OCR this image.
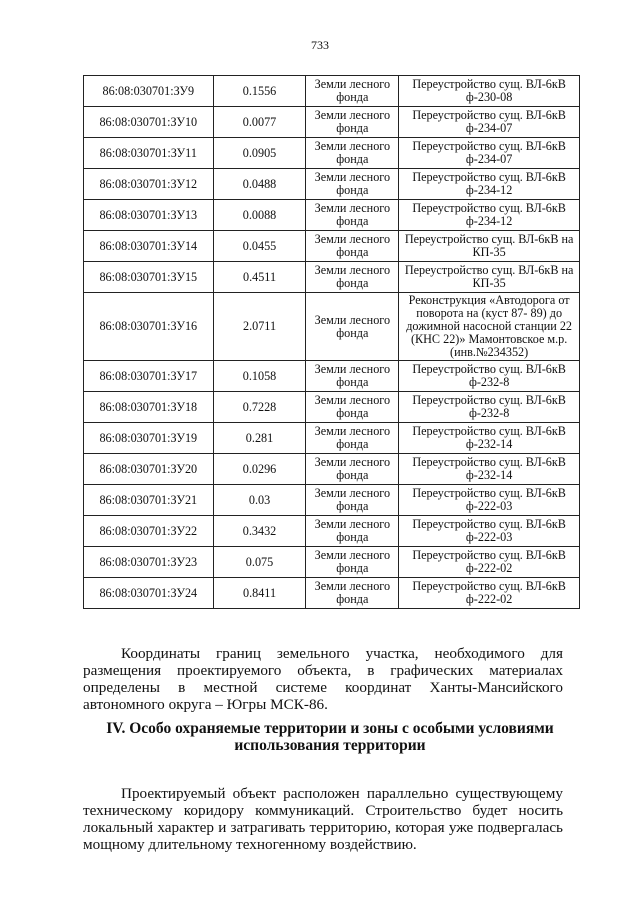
733
86:08:030701:ЗУ9	0.1556	Земли лесного фонда	Переустройство сущ. ВЛ-6кВ ф-230-08
86:08:030701:ЗУ10	0.0077	Земли лесного фонда	Переустройство сущ. ВЛ-6кВ ф-234-07
86:08:030701:ЗУ11	0.0905	Земли лесного фонда	Переустройство сущ. ВЛ-6кВ ф-234-07
86:08:030701:ЗУ12	0.0488	Земли лесного фонда	Переустройство сущ. ВЛ-6кВ ф-234-12
86:08:030701:ЗУ13	0.0088	Земли лесного фонда	Переустройство сущ. ВЛ-6кВ ф-234-12
86:08:030701:ЗУ14	0.0455	Земли лесного фонда	Переустройство сущ. ВЛ-6кВ на КП-35
86:08:030701:ЗУ15	0.4511	Земли лесного фонда	Переустройство сущ. ВЛ-6кВ на КП-35
86:08:030701:ЗУ16	2.0711	Земли лесного фонда	Реконструкция «Автодорога от поворота на (куст 87- 89) до дожимной насосной станции 22 (КНС 22)» Мамонтовское м.р. (инв.№234352)
86:08:030701:ЗУ17	0.1058	Земли лесного фонда	Переустройство сущ. ВЛ-6кВ ф-232-8
86:08:030701:ЗУ18	0.7228	Земли лесного фонда	Переустройство сущ. ВЛ-6кВ ф-232-8
86:08:030701:ЗУ19	0.281	Земли лесного фонда	Переустройство сущ. ВЛ-6кВ ф-232-14
86:08:030701:ЗУ20	0.0296	Земли лесного фонда	Переустройство сущ. ВЛ-6кВ ф-232-14
86:08:030701:ЗУ21	0.03	Земли лесного фонда	Переустройство сущ. ВЛ-6кВ ф-222-03
86:08:030701:ЗУ22	0.3432	Земли лесного фонда	Переустройство сущ. ВЛ-6кВ ф-222-03
86:08:030701:ЗУ23	0.075	Земли лесного фонда	Переустройство сущ. ВЛ-6кВ ф-222-02
86:08:030701:ЗУ24	0.8411	Земли лесного фонда	Переустройство сущ. ВЛ-6кВ ф-222-02

Координаты границ земельного участка, необходимого для размещения проектируемого объекта, в графических материалах определены в местной системе координат Ханты-Мансийского автономного округа – Югры МСК-86.

IV. Особо охраняемые территории и зоны с особыми условиями использования территории

Проектируемый объект расположен параллельно существующему техническому коридору коммуникаций. Строительство будет носить локальный характер и затрагивать территорию, которая уже подвергалась мощному длительному техногенному воздействию.
